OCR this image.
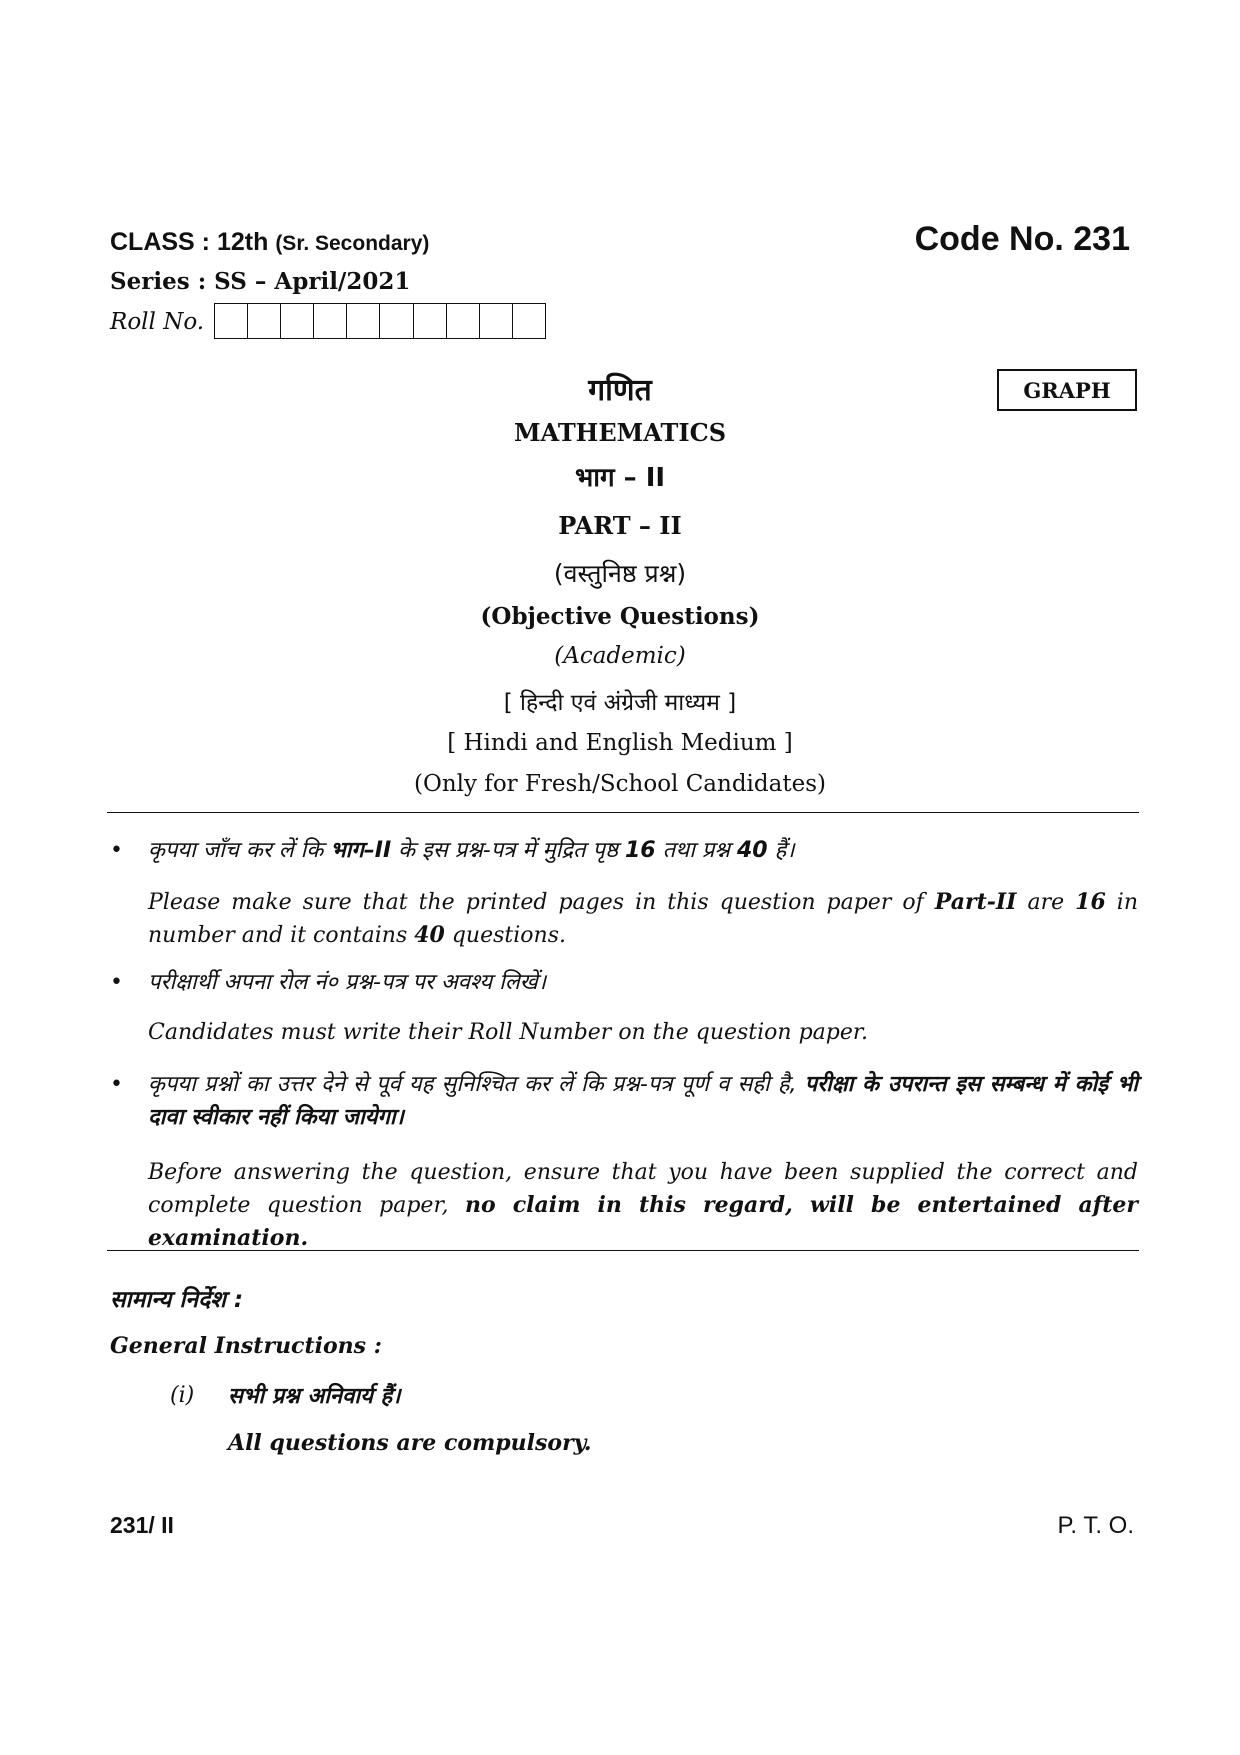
CLASS : 12th (Sr. Secondary)	Code No. 231
Series : SS – April/2021
Roll No.
GRAPH
गणित
MATHEMATICS
भाग – II
PART – II
(वस्तुनिष्ठ प्रश्न)
(Objective Questions)
(Academic)
[ हिन्दी एवं अंग्रेजी माध्यम ]
[ Hindi and English Medium ]
(Only for Fresh/School Candidates)
• कृपया जाँच कर लें कि भाग–II के इस प्रश्न-पत्र में मुद्रित पृष्ठ 16 तथा प्रश्न 40 हैं।
Please make sure that the printed pages in this question paper of Part-II are 16 in number and it contains 40 questions.
• परीक्षार्थी अपना रोल नं० प्रश्न-पत्र पर अवश्य लिखें।
Candidates must write their Roll Number on the question paper.
• कृपया प्रश्नों का उत्तर देने से पूर्व यह सुनिश्चित कर लें कि प्रश्न-पत्र पूर्ण व सही है, परीक्षा के उपरान्त इस सम्बन्ध में कोई भी दावा स्वीकार नहीं किया जायेगा।
Before answering the question, ensure that you have been supplied the correct and complete question paper, no claim in this regard, will be entertained after examination.
सामान्य निर्देश :
General Instructions :
(i) सभी प्रश्न अनिवार्य हैं।
All questions are compulsory.
231/ II	P. T. O.
